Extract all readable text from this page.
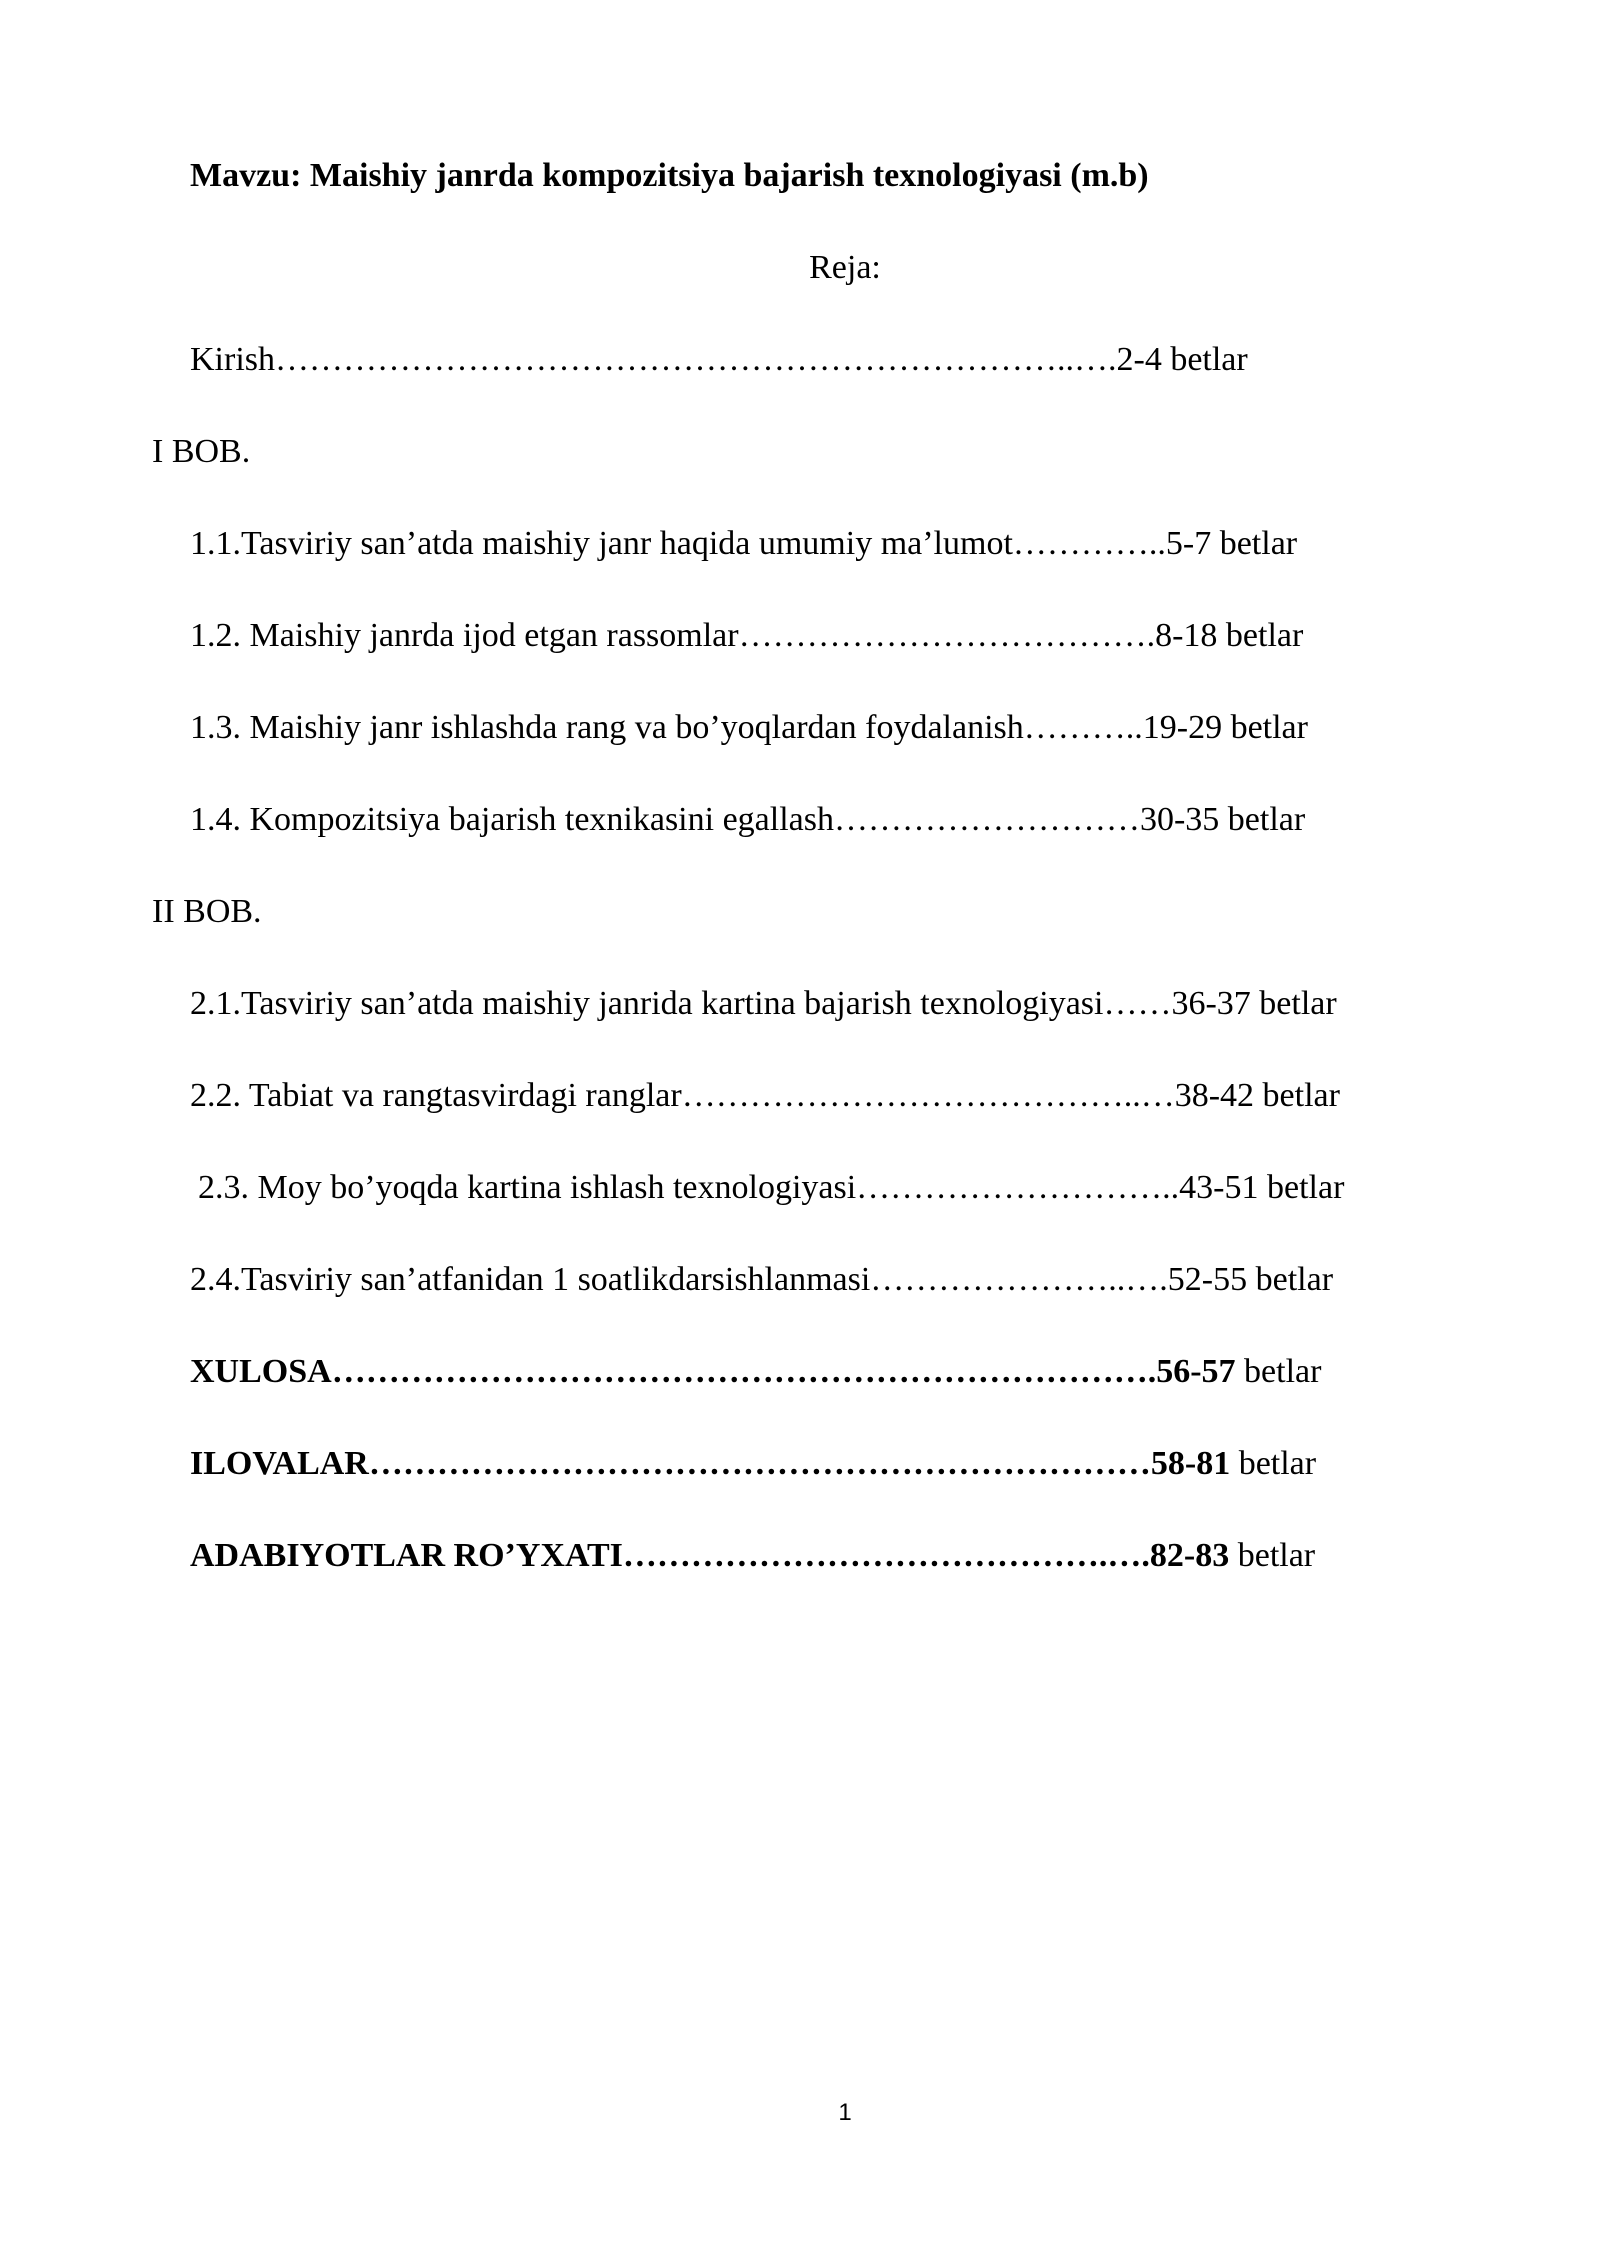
Mavzu: Maishiy janrda kompozitsiya bajarish texnologiyasi (m.b)
Reja:
Kirish……………………………………………………………..….2-4 betlar
I BOB.
1.1.Tasviriy san’atda maishiy janr haqida umumiy ma’lumot…………..5-7 betlar
1.2. Maishiy janrda ijod etgan rassomlar……………………………….8-18 betlar
1.3. Maishiy janr ishlashda rang va bo’yoqlardan foydalanish………..19-29 betlar
1.4. Kompozitsiya bajarish texnikasini egallash………………………30-35 betlar
II BOB.
2.1.Tasviriy san’atda maishiy janrida kartina bajarish texnologiyasi……36-37 betlar
2.2. Tabiat va rangtasvirdagi ranglar…………………………………..…38-42 betlar
2.3. Moy bo’yoqda kartina ishlash texnologiyasi………………………..43-51 betlar
2.4.Tasviriy san’atfanidan 1 soatlikdarsishlanmasi…………………..….52-55 betlar
XULOSA……………………………………………………………….56-57 betlar
ILOVALAR……………………………………………………………58-81 betlar
ADABIYOTLAR RO’YXATI…………………………………….….82-83 betlar
1
